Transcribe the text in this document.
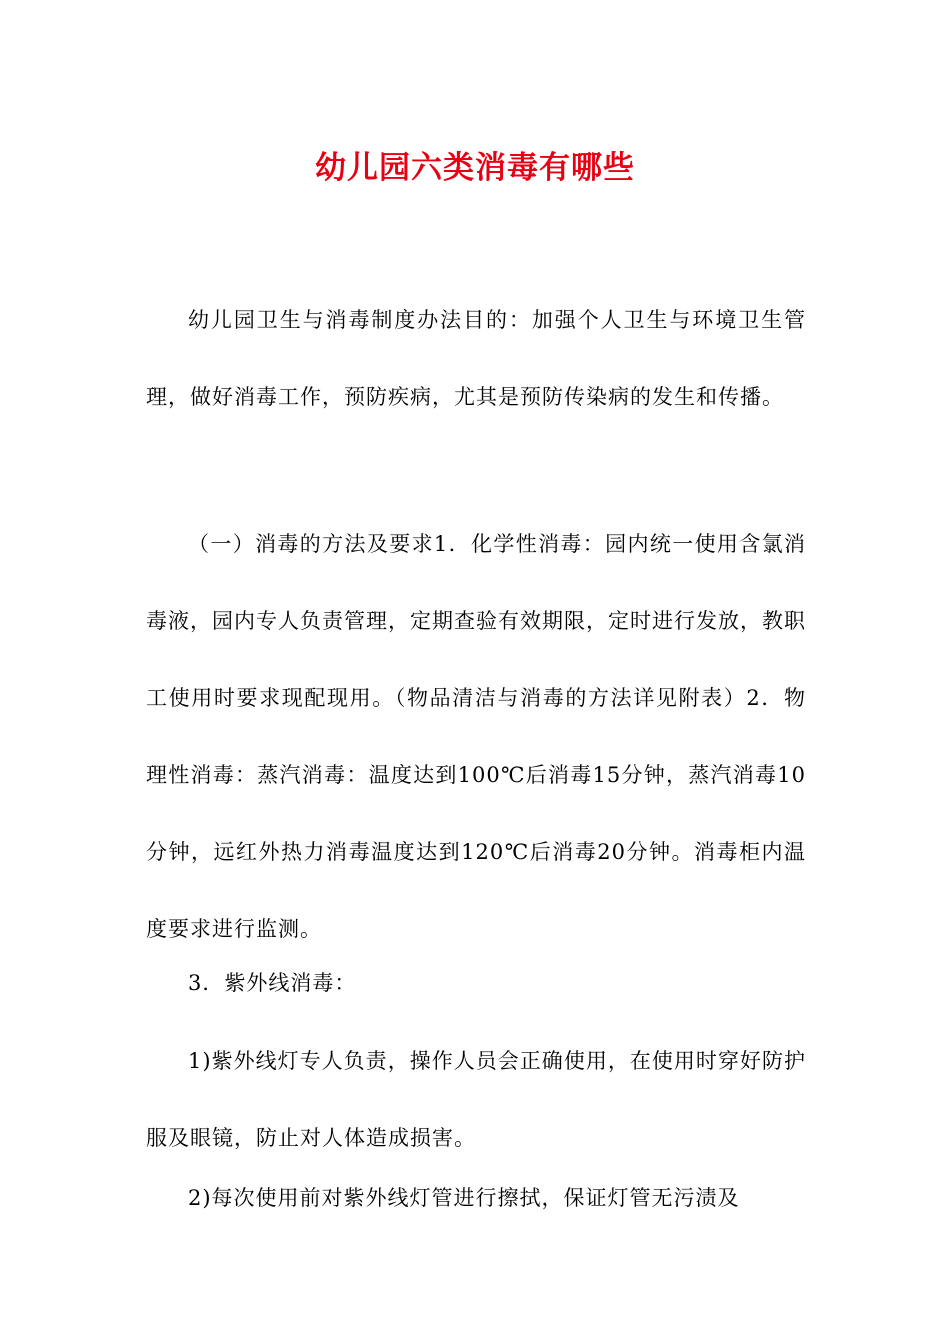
幼儿园六类消毒有哪些

幼儿园卫生与消毒制度办法目的：加强个人卫生与环境卫生管理，做好消毒工作，预防疾病，尤其是预防传染病的发生和传播。

（一）消毒的方法及要求1．化学性消毒：园内统一使用含氯消毒液，园内专人负责管理，定期查验有效期限，定时进行发放，教职工使用时要求现配现用。（物品清洁与消毒的方法详见附表）2．物理性消毒：蒸汽消毒：温度达到100℃后消毒15分钟，蒸汽消毒10分钟，远红外热力消毒温度达到120℃后消毒20分钟。消毒柜内温度要求进行监测。

3．紫外线消毒：

1)紫外线灯专人负责，操作人员会正确使用，在使用时穿好防护服及眼镜，防止对人体造成损害。

2)每次使用前对紫外线灯管进行擦拭，保证灯管无污渍及
